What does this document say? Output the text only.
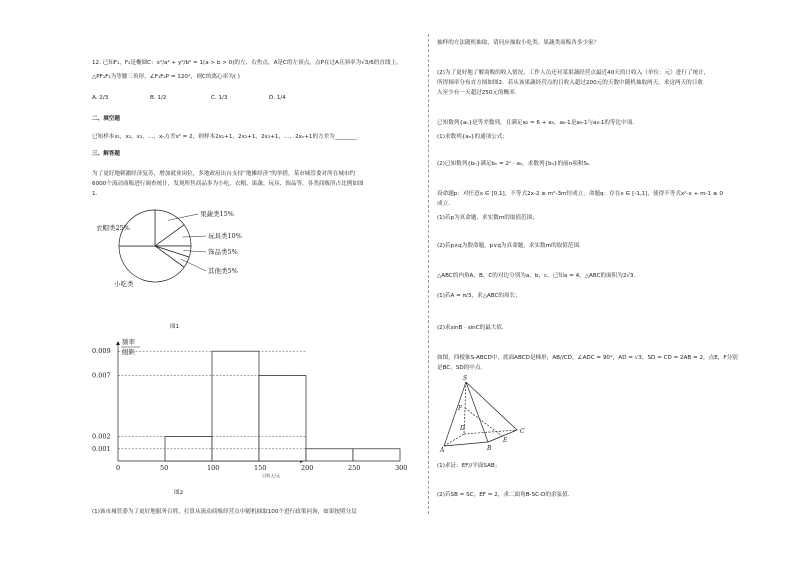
12. 已知F₁，F₂是椭圆C：x²/a² + y²/b² = 1(a > b > 0)的左、右焦点，A是C的左顶点，点P在过A且斜率为√3/6的直线上，
△PF₁F₂为等腰三角形，∠F₁F₂P = 120°，则C的离心率为( )
A. 2/3	B. 1/2	C. 1/3	D. 1/4
二、填空题
已知样本x₁，x₂，x₃，…，xₙ方差s² = 2，则样本2x₁+1，2x₂+1，2x₃+1，…，2xₙ+1的方差为________.
三、解答题
为了更好地刺激经济复苏，增加就业岗位，多地政府出台支持“地摊经济”的举措，某市城管委对所在城市约
6000个流动商贩进行调查统计，发现所售商品多为小吃、衣帽、果蔬、玩具、饰品等，各类商贩所占比例如图
1.
果蔬类15%
玩具类10%
饰品类5%
其他类5%
小吃类
衣帽类25%
图1
频率
组距
0.009
0.007
0.002
0.001
0	50	100	150	200	250	300
日收入/元
图2
(1)该市城管委为了更好地服务百姓，打算从流动商贩经营点中随机抽取100个进行政策问询，如果按照分层
抽样的方法随机抽取，请问应抽取小吃类、果蔬类商贩各多少家？
(2)为了更好地了解商贩的收入情况，工作人员还对某果蔬经营点最近40天的日收入（单位：元）进行了统计，
所得频率分布直方图如图2．若从该果蔬经营点的日收入超过200元的天数中随机抽取两天，求这两天的日收
入至少有一天超过250元的概率.
已知数列{aₙ}是等差数列，且满足a₂ = 6 + a₃，a₆-1是a₅-1与a₈-1的等比中项．
(1)求数列{aₙ}的通项公式；
(2)已知数列{bₙ}满足bₙ = 2ⁿ · aₙ，求数列{bₙ}的前n项和Sₙ.
设命题p：对任意x ∈ [0,1]，不等式2x-2 ≥ m²-3m恒成立，命题q：存在x ∈ [-1,1]，使得不等式x²-x + m-1 ≤ 0
成立．
(1)若p为真命题，求实数m的取值范围；
(2)若p∧q为假命题，p∨q为真命题，求实数m的取值范围.
△ABC的内角A，B，C的对边分别为a，b，c，已知a = 4，△ABC的面积为2√3.
(1)若A = π/3，求△ABC的周长；
(2)求sinB · sinC的最大值.
如图，四棱锥S-ABCD中，底面ABCD是梯形，AB//CD，∠ADC = 90°，AD = √3，SD = CD = 2AB = 2，点E，F分别
是BC，SD的中点.
S
F
D	C
B
A
E
(1)求证：EF//平面SAB；
(2)若SB = SC，EF = 2，求二面角B-SC-D的余弦值.
